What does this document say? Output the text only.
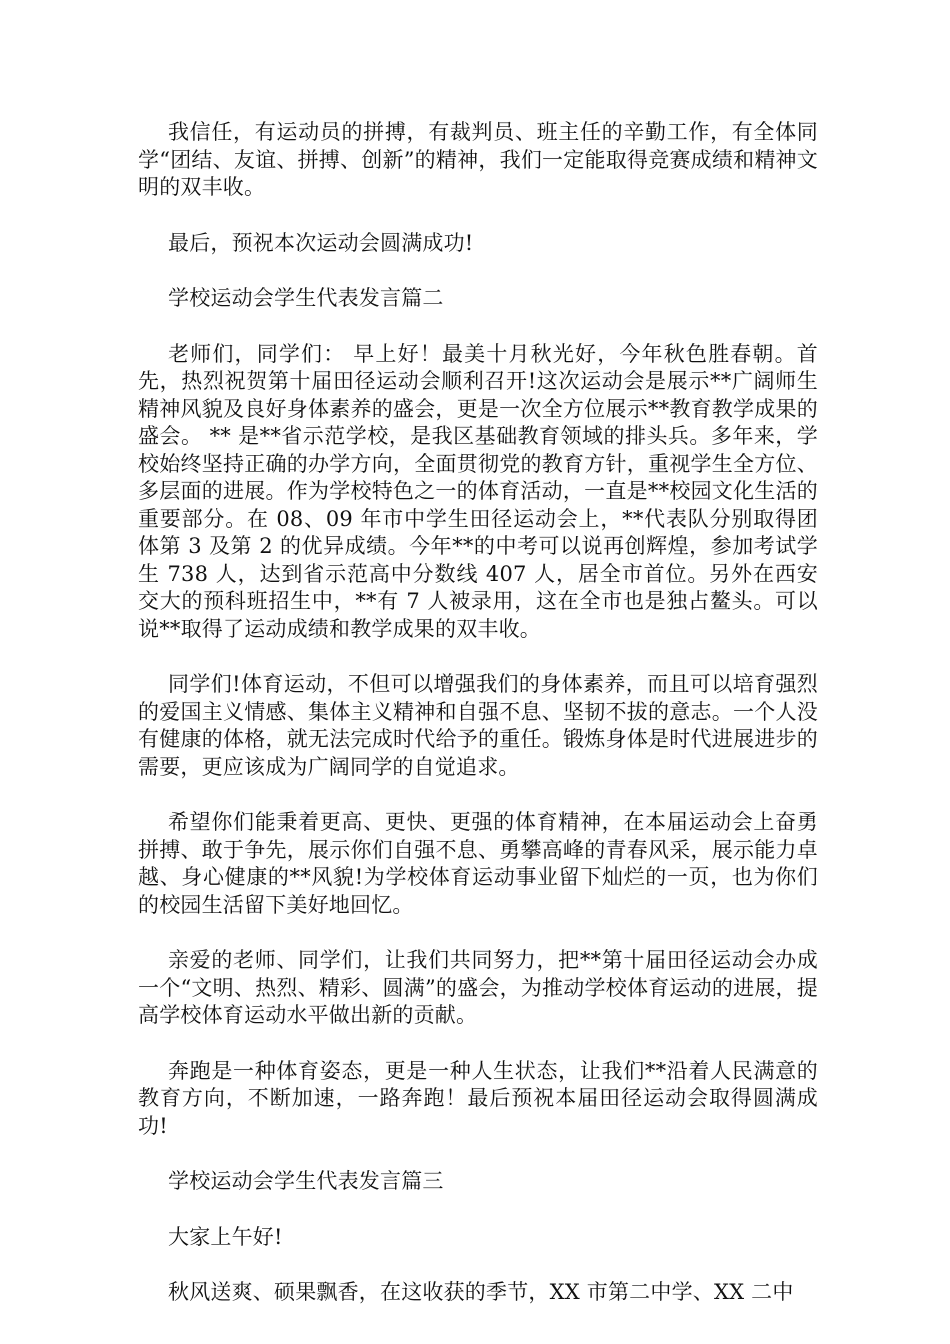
我信任，有运动员的拼搏，有裁判员、班主任的辛勤工作，有全体同学“团结、友谊、拼搏、创新”的精神，我们一定能取得竞赛成绩和精神文明的双丰收。

最后，预祝本次运动会圆满成功!

学校运动会学生代表发言篇二

老师们，同学们： 早上好！最美十月秋光好，今年秋色胜春朝。首先，热烈祝贺第十届田径运动会顺利召开!这次运动会是展示**广阔师生精神风貌及良好身体素养的盛会，更是一次全方位展示**教育教学成果的盛会。 ** 是**省示范学校，是我区基础教育领域的排头兵。多年来，学校始终坚持正确的办学方向，全面贯彻党的教育方针，重视学生全方位、多层面的进展。作为学校特色之一的体育活动，一直是**校园文化生活的重要部分。在 08、09 年市中学生田径运动会上，**代表队分别取得团体第 3 及第 2 的优异成绩。今年**的中考可以说再创辉煌，参加考试学生 738 人，达到省示范高中分数线 407 人，居全市首位。另外在西安交大的预科班招生中，**有 7 人被录用，这在全市也是独占鳌头。可以说**取得了运动成绩和教学成果的双丰收。

同学们!体育运动，不但可以增强我们的身体素养，而且可以培育强烈的爱国主义情感、集体主义精神和自强不息、坚韧不拔的意志。一个人没有健康的体格，就无法完成时代给予的重任。锻炼身体是时代进展进步的需要，更应该成为广阔同学的自觉追求。

希望你们能秉着更高、更快、更强的体育精神，在本届运动会上奋勇拼搏、敢于争先，展示你们自强不息、勇攀高峰的青春风采，展示能力卓越、身心健康的**风貌!为学校体育运动事业留下灿烂的一页，也为你们的校园生活留下美好地回忆。

亲爱的老师、同学们，让我们共同努力，把**第十届田径运动会办成一个“文明、热烈、精彩、圆满”的盛会，为推动学校体育运动的进展，提高学校体育运动水平做出新的贡献。

奔跑是一种体育姿态，更是一种人生状态，让我们**沿着人民满意的教育方向，不断加速，一路奔跑！最后预祝本届田径运动会取得圆满成功!

学校运动会学生代表发言篇三

大家上午好!

秋风送爽、硕果飘香，在这收获的季节，XX 市第二中学、XX 二中
